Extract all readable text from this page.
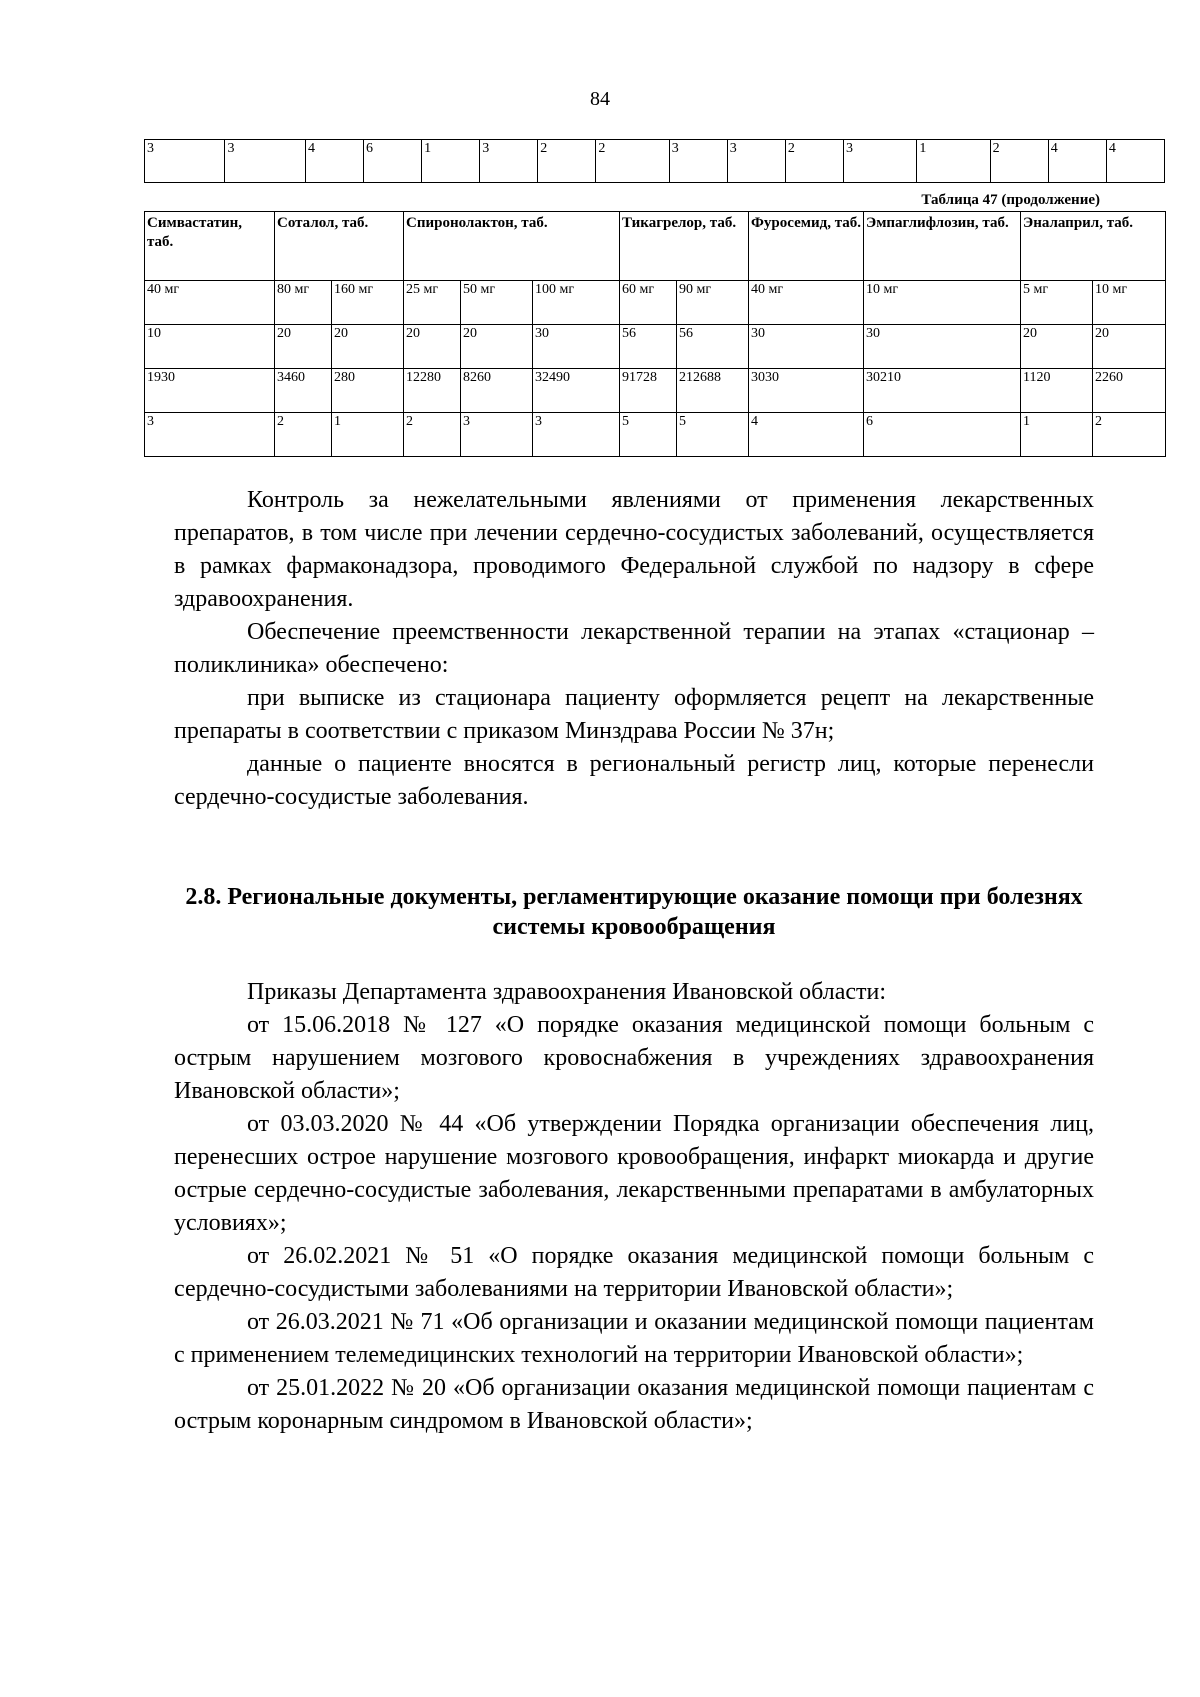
84
3	3	4	6	1	3	2	2	3	3	2	3	1	2	4	4
Таблица 47 (продолжение)
Симвастатин, таб.	Соталол, таб.		Спиронолактон, таб.			Тикагрелор, таб.		Фуросемид, таб.	Эмпаглифлозин, таб.	Эналаприл, таб.	
40 мг	80 мг	160 мг	25 мг	50 мг	100 мг	60 мг	90 мг	40 мг	10 мг	5 мг	10 мг
10	20	20	20	20	30	56	56	30	30	20	20
1930	3460	280	12280	8260	32490	91728	212688	3030	30210	1120	2260
3	2	1	2	3	3	5	5	4	6	1	2

Контроль за нежелательными явлениями от применения лекарственных препаратов, в том числе при лечении сердечно-сосудистых заболеваний, осуществляется в рамках фармаконадзора, проводимого Федеральной службой по надзору в сфере здравоохранения.

Обеспечение преемственности лекарственной терапии на этапах «стационар – поликлиника» обеспечено:

при выписке из стационара пациенту оформляется рецепт на лекарственные препараты в соответствии с приказом Минздрава России № 37н;

данные о пациенте вносятся в региональный регистр лиц, которые перенесли сердечно-сосудистые заболевания.

2.8. Региональные документы, регламентирующие оказание помощи при болезнях системы кровообращения

Приказы Департамента здравоохранения Ивановской области:

от 15.06.2018 № 127 «О порядке оказания медицинской помощи больным с острым нарушением мозгового кровоснабжения в учреждениях здравоохранения Ивановской области»;

от 03.03.2020 № 44 «Об утверждении Порядка организации обеспечения лиц, перенесших острое нарушение мозгового кровообращения, инфаркт миокарда и другие острые сердечно-сосудистые заболевания, лекарственными препаратами в амбулаторных условиях»;

от 26.02.2021 № 51 «О порядке оказания медицинской помощи больным с сердечно-сосудистыми заболеваниями на территории Ивановской области»;

от 26.03.2021 № 71 «Об организации и оказании медицинской помощи пациентам с применением телемедицинских технологий на территории Ивановской области»;

от 25.01.2022 № 20 «Об организации оказания медицинской помощи пациентам с острым коронарным синдромом в Ивановской области»;
